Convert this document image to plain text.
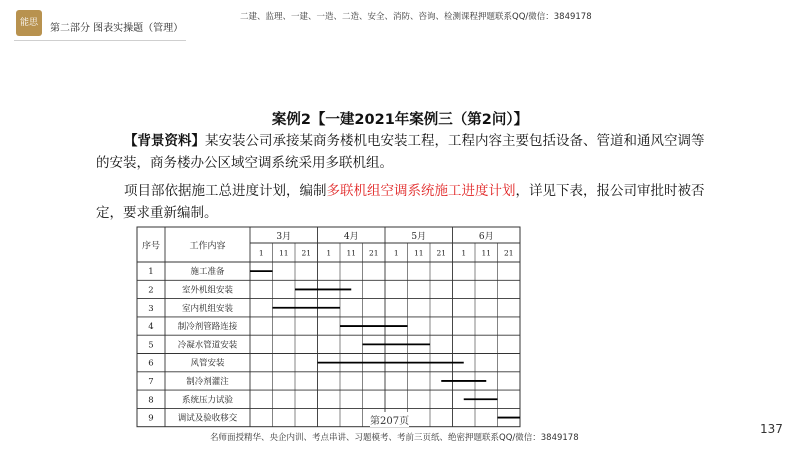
能思	第二部分 图表实操题（管理）
二建、监理、一建、一造、二造、安全、消防、咨询、检测课程押题联系QQ/微信：3849178
案例2【一建2021年案例三（第2问）】
【背景资料】某安装公司承接某商务楼机电安装工程，工程内容主要包括设备、管道和通风空调等的安装，商务楼办公区域空调系统采用多联机组。
项目部依据施工总进度计划，编制多联机组空调系统施工进度计划，详见下表，报公司审批时被否定，要求重新编制。
序号	工作内容
3月
1 11 21
4月
1 11 21
5月
1 11 21
6月
1 11 21
1	施工准备
2	室外机组安装
3	室内机组安装
4	制冷剂管路连接
5	冷凝水管道安装
6	风管安装
7	制冷剂灌注
8	系统压力试验
9	调试及验收移交	第207页
名师面授精华、央企内训、考点串讲、习题模考、考前三页纸、绝密押题联系QQ/微信：3849178
137
